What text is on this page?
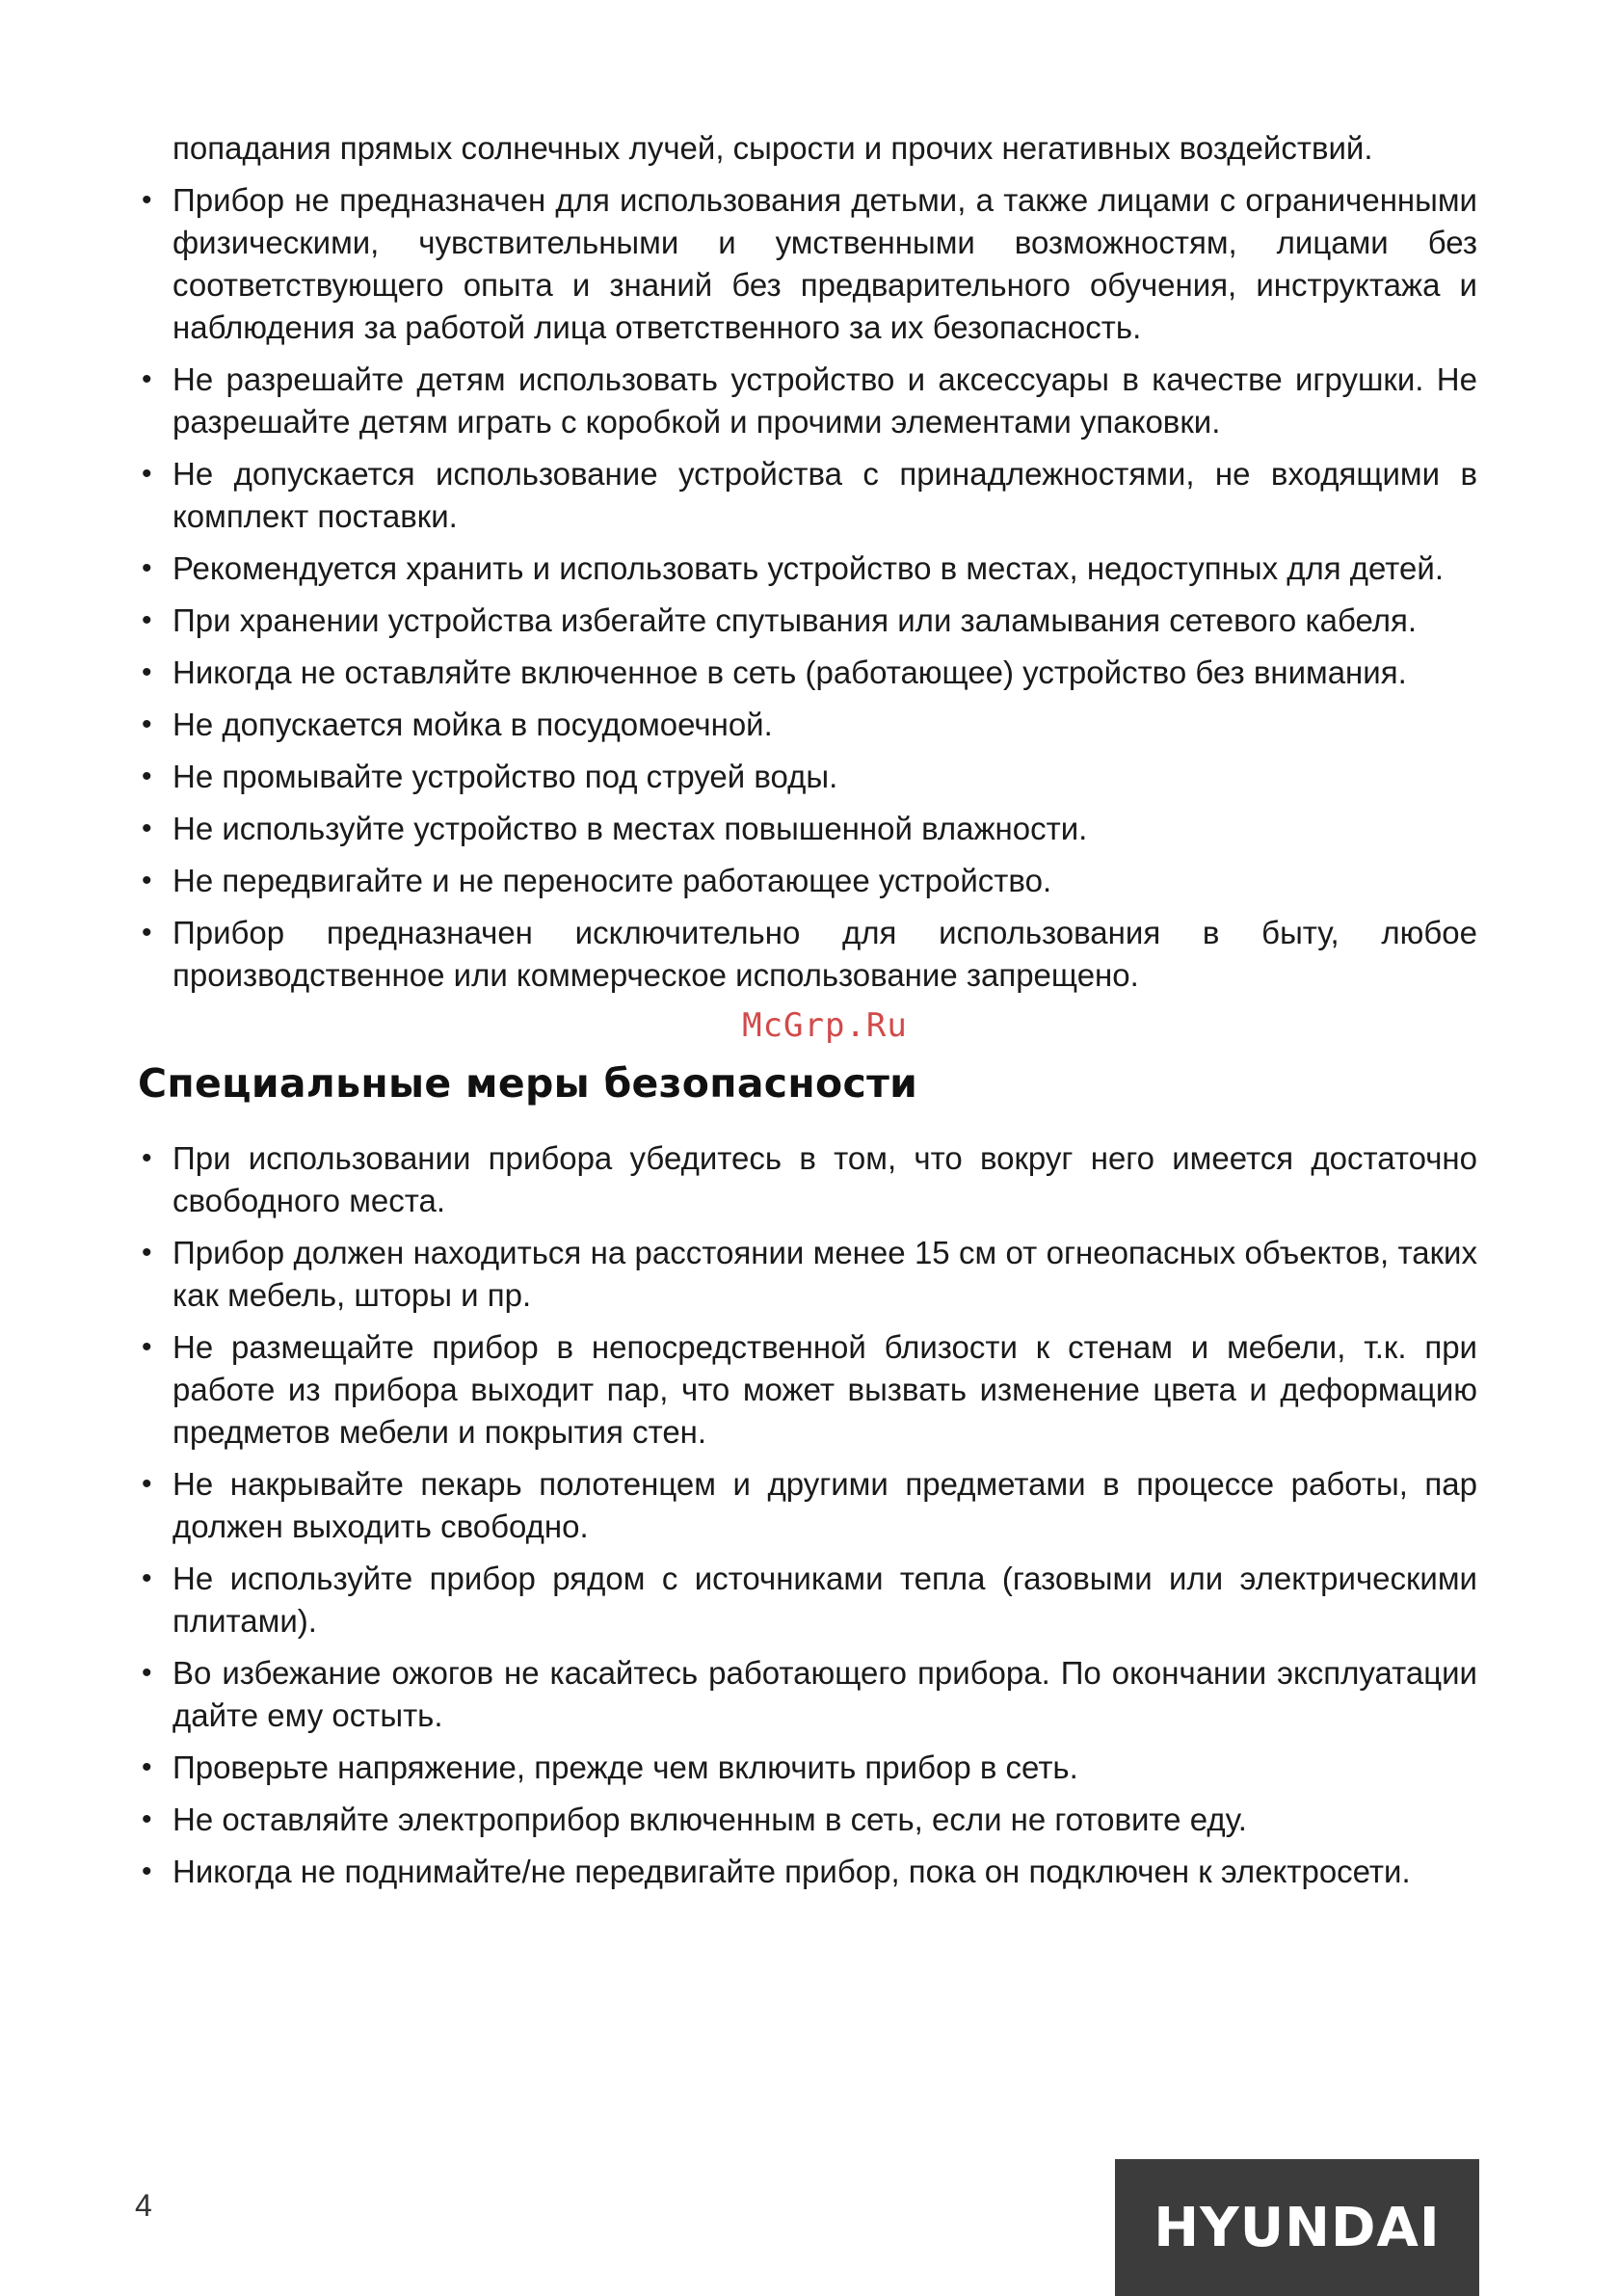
попадания прямых солнечных лучей, сырости и прочих негативных воздействий.

• Прибор не предназначен для использования детьми, а также лицами с ограниченными физическими, чувствительными и умственными возможностям, лицами без соответствующего опыта и знаний без предварительного обучения, инструктажа и наблюдения за работой лица ответственного за их безопасность.
• Не разрешайте детям использовать устройство и аксессуары в качестве игрушки. Не разрешайте детям играть с коробкой и прочими элементами упаковки.
• Не допускается использование устройства с принадлежностями, не входящими в комплект поставки.
• Рекомендуется хранить и использовать устройство в местах, недоступных для детей.
• При хранении устройства избегайте спутывания или заламывания сетевого кабеля.
• Никогда не оставляйте включенное в сеть (работающее) устройство без внимания.
• Не допускается мойка в посудомоечной.
• Не промывайте устройство под струей воды.
• Не используйте устройство в местах повышенной влажности.
• Не передвигайте и не переносите работающее устройство.
• Прибор предназначен исключительно для использования в быту, любое производственное или коммерческое использование запрещено.
McGrp.Ru
Специальные меры безопасности
• При использовании прибора убедитесь в том, что вокруг него имеется достаточно свободного места.
• Прибор должен находиться на расстоянии менее 15 см от огнеопасных объектов, таких как мебель, шторы и пр.
• Не размещайте прибор в непосредственной близости к стенам и мебели, т.к. при работе из прибора выходит пар, что может вызвать изменение цвета и деформацию предметов мебели и покрытия стен.
• Не накрывайте пекарь полотенцем и другими предметами в процессе работы, пар должен выходить свободно.
• Не используйте прибор рядом с источниками тепла (газовыми или электрическими плитами).
• Во избежание ожогов не касайтесь работающего прибора. По окончании эксплуатации дайте ему остыть.
• Проверьте напряжение, прежде чем включить прибор в сеть.
• Не оставляйте электроприбор включенным в сеть, если не готовите еду.
• Никогда не поднимайте/не передвигайте прибор, пока он подключен к электросети.
4	HYUNDAI
